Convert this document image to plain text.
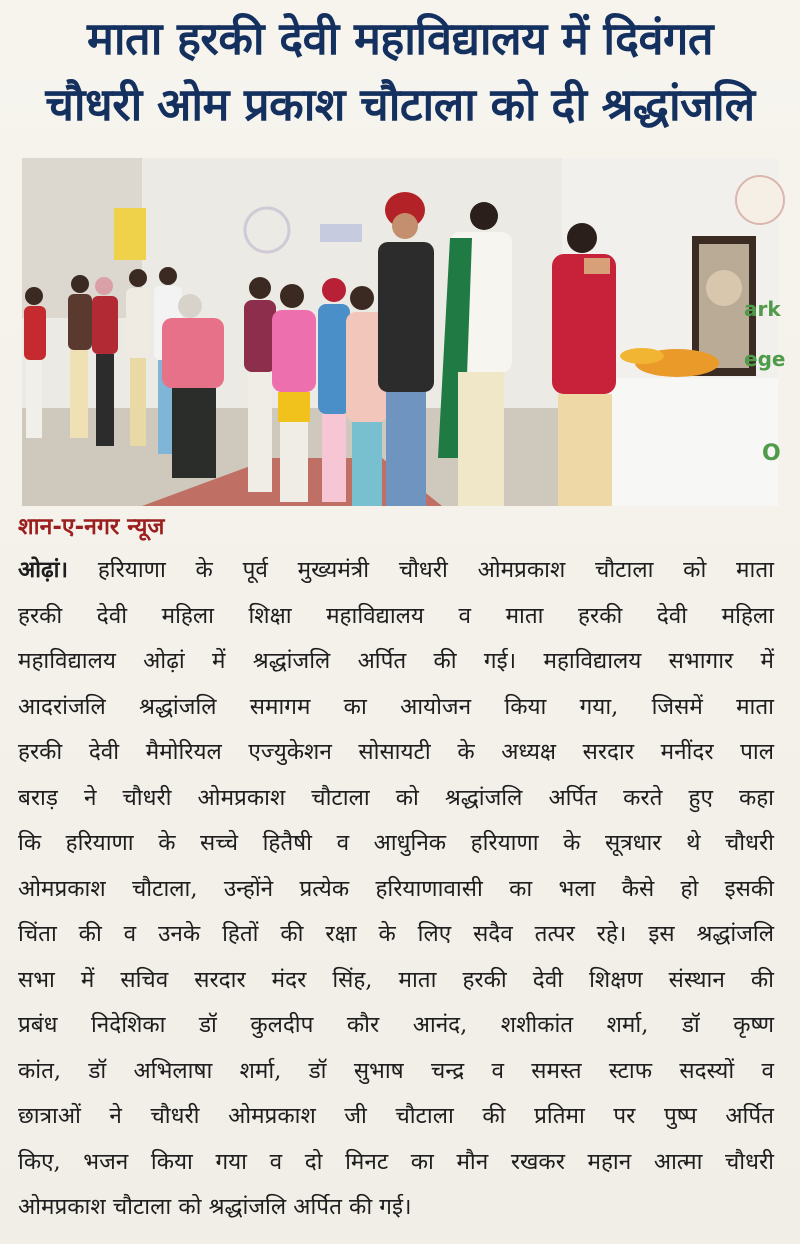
माता हरकी देवी महाविद्यालय में दिवंगत
चौधरी ओम प्रकाश चौटाला को दी श्रद्धांजलि
ark
ege
O
शान-ए-नगर न्यूज
ओढ़ां। हरियाणा के पूर्व मुख्यमंत्री चौधरी ओमप्रकाश चौटाला को माता
हरकी देवी महिला शिक्षा महाविद्यालय व माता हरकी देवी महिला
महाविद्यालय ओढ़ां में श्रद्धांजलि अर्पित की गई। महाविद्यालय सभागार में
आदरांजलि श्रद्धांजलि समागम का आयोजन किया गया, जिसमें माता
हरकी देवी मैमोरियल एज्युकेशन सोसायटी के अध्यक्ष सरदार मनींदर पाल
बराड़ ने चौधरी ओमप्रकाश चौटाला को श्रद्धांजलि अर्पित करते हुए कहा
कि हरियाणा के सच्चे हितैषी व आधुनिक हरियाणा के सूत्रधार थे चौधरी
ओमप्रकाश चौटाला, उन्होंने प्रत्येक हरियाणावासी का भला कैसे हो इसकी
चिंता की व उनके हितों की रक्षा के लिए सदैव तत्पर रहे। इस श्रद्धांजलि
सभा में सचिव सरदार मंदर सिंह, माता हरकी देवी शिक्षण संस्थान की
प्रबंध निदेशिका डॉ कुलदीप कौर आनंद, शशीकांत शर्मा, डॉ कृष्ण
कांत, डॉ अभिलाषा शर्मा, डॉ सुभाष चन्द्र व समस्त स्टाफ सदस्यों व
छात्राओं ने चौधरी ओमप्रकाश जी चौटाला की प्रतिमा पर पुष्प अर्पित
किए, भजन किया गया व दो मिनट का मौन रखकर महान आत्मा चौधरी
ओमप्रकाश चौटाला को श्रद्धांजलि अर्पित की गई।
